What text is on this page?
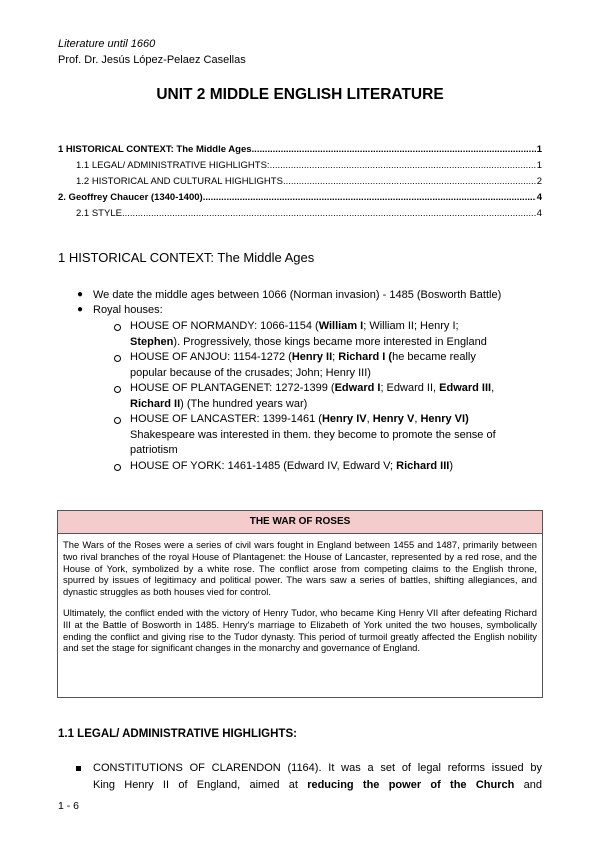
Literature until 1660
Prof. Dr. Jesús López-Pelaez Casellas
UNIT 2 MIDDLE ENGLISH LITERATURE
1 HISTORICAL CONTEXT: The Middle Ages .....	1
1.1 LEGAL/ ADMINISTRATIVE HIGHLIGHTS: .....	1
1.2 HISTORICAL AND CULTURAL HIGHLIGHTS .....	2
2. Geoffrey Chaucer (1340-1400) .....	4
2.1 STYLE .....	4
1 HISTORICAL CONTEXT: The Middle Ages
● We date the middle ages between 1066 (Norman invasion) - 1485 (Bosworth Battle)
● Royal houses:
HOUSE OF NORMANDY: 1066-1154 (William I; William II; Henry I;
Stephen). Progressively, those kings became more interested in England
HOUSE OF ANJOU: 1154-1272 (Henry II; Richard I (he became really
popular because of the crusades; John; Henry III)
HOUSE OF PLANTAGENET: 1272-1399 (Edward I; Edward II, Edward III,
Richard II) (The hundred years war)
HOUSE OF LANCASTER: 1399-1461 (Henry IV, Henry V, Henry VI)
Shakespeare was interested in them. they become to promote the sense of
patriotism
HOUSE OF YORK: 1461-1485 (Edward IV, Edward V; Richard III)
THE WAR OF ROSES

The Wars of the Roses were a series of civil wars fought in England between 1455 and 1487, primarily between two rival branches of the royal House of Plantagenet: the House of Lancaster, represented by a red rose, and the House of York, symbolized by a white rose. The conflict arose from competing claims to the English throne, spurred by issues of legitimacy and political power. The wars saw a series of battles, shifting allegiances, and dynastic struggles as both houses vied for control.

Ultimately, the conflict ended with the victory of Henry Tudor, who became King Henry VII after defeating Richard III at the Battle of Bosworth in 1485. Henry's marriage to Elizabeth of York united the two houses, symbolically ending the conflict and giving rise to the Tudor dynasty. This period of turmoil greatly affected the English nobility and set the stage for significant changes in the monarchy and governance of England.

1.1 LEGAL/ ADMINISTRATIVE HIGHLIGHTS:
CONSTITUTIONS OF CLARENDON (1164). It was a set of legal reforms issued by
King Henry II of England, aimed at reducing the power of the Church and
1 - 6
